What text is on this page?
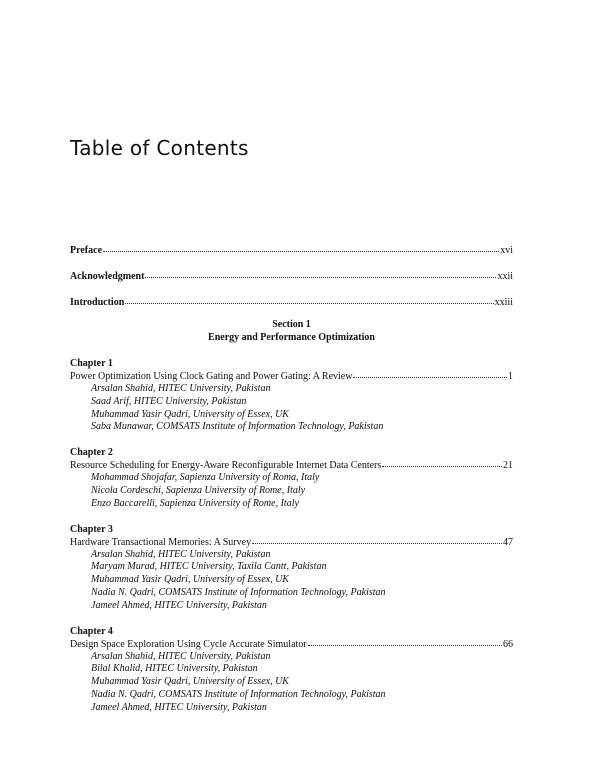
Table of Contents
Preface	xvi
Acknowledgment	xxii
Introduction	xxiii
Section 1
Energy and Performance Optimization
Chapter 1
Power Optimization Using Clock Gating and Power Gating: A Review	1
Arsalan Shahid, HITEC University, Pakistan
Saad Arif, HITEC University, Pakistan
Muhammad Yasir Qadri, University of Essex, UK
Saba Munawar, COMSATS Institute of Information Technology, Pakistan
Chapter 2
Resource Scheduling for Energy-Aware Reconfigurable Internet Data Centers	21
Mohammad Shojafar, Sapienza University of Roma, Italy
Nicola Cordeschi, Sapienza University of Rome, Italy
Enzo Baccarelli, Sapienza University of Rome, Italy
Chapter 3
Hardware Transactional Memories: A Survey	47
Arsalan Shahid, HITEC University, Pakistan
Maryam Murad, HITEC University, Taxila Cantt, Pakistan
Muhammad Yasir Qadri, University of Essex, UK
Nadia N. Qadri, COMSATS Institute of Information Technology, Pakistan
Jameel Ahmed, HITEC University, Pakistan
Chapter 4
Design Space Exploration Using Cycle Accurate Simulator	66
Arsalan Shahid, HITEC University, Pakistan
Bilal Khalid, HITEC University, Pakistan
Muhammad Yasir Qadri, University of Essex, UK
Nadia N. Qadri, COMSATS Institute of Information Technology, Pakistan
Jameel Ahmed, HITEC University, Pakistan
